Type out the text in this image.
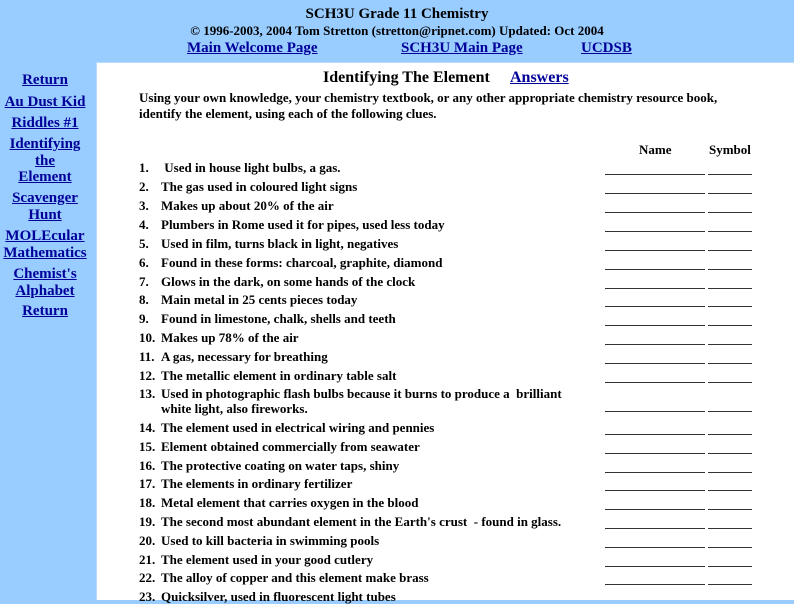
SCH3U Grade 11 Chemistry
© 1996-2003, 2004 Tom Stretton (stretton@ripnet.com) Updated: Oct 2004
Main Welcome Page	SCH3U Main Page	UCDSB
Return
Au Dust Kid
Riddles #1
Identifying the Element
Scavenger Hunt
MOLEcular Mathematics
Chemist's Alphabet
Return
Identifying The Element Answers
Using your own knowledge, your chemistry textbook, or any other appropriate chemistry resource book, identify the element, using each of the following clues.
Name	Symbol
1. Used in house light bulbs, a gas.
2. The gas used in coloured light signs
3. Makes up about 20% of the air
4. Plumbers in Rome used it for pipes, used less today
5. Used in film, turns black in light, negatives
6. Found in these forms: charcoal, graphite, diamond
7. Glows in the dark, on some hands of the clock
8. Main metal in 25 cents pieces today
9. Found in limestone, chalk, shells and teeth
10. Makes up 78% of the air
11. A gas, necessary for breathing
12. The metallic element in ordinary table salt
13. Used in photographic flash bulbs because it burns to produce a  brilliant white light, also fireworks.
14. The element used in electrical wiring and pennies
15. Element obtained commercially from seawater
16. The protective coating on water taps, shiny
17. The elements in ordinary fertilizer
18. Metal element that carries oxygen in the blood
19. The second most abundant element in the Earth's crust  - found in glass.
20. Used to kill bacteria in swimming pools
21. The element used in your good cutlery
22. The alloy of copper and this element make brass
23. Quicksilver, used in fluorescent light tubes
